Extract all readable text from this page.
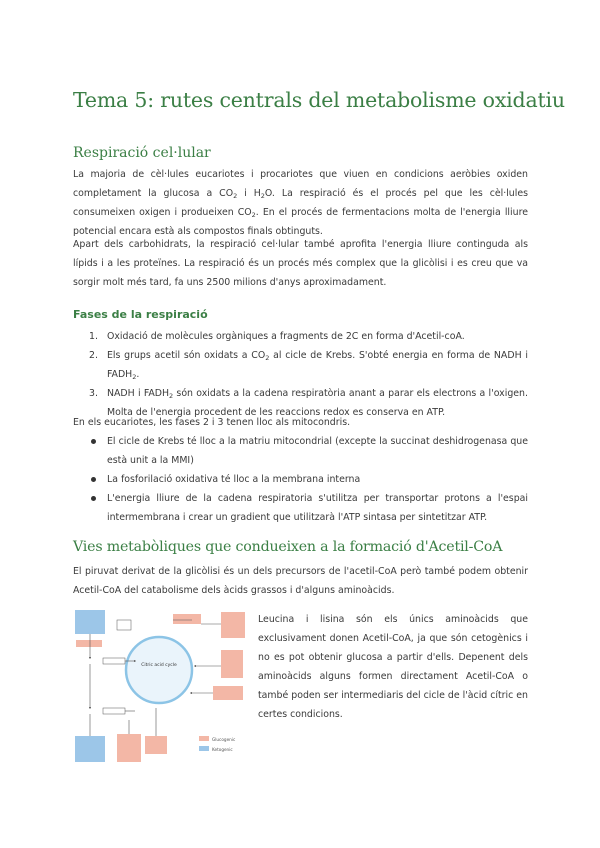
Tema 5: rutes centrals del metabolisme oxidatiu
Respiració cel·lular

La majoria de cèl·lules eucariotes i procariotes que viuen en condicions aeròbies oxiden completament la glucosa a $CO_2$ i $H_2O$. La respiració és el procés pel que les cèl·lules consumeixen oxigen i produeixen $CO_2$. En el procés de fermentacions molta de l'energia lliure potencial encara està als compostos finals obtinguts.

Apart dels carbohidrats, la respiració cel·lular també aprofita l'energia lliure continguda als lípids i a les proteïnes. La respiració és un procés més complex que la glicòlisi i es creu que va sorgir molt més tard, fa uns 2500 milions d'anys aproximadament.

Fases de la respiració
1. Oxidació de molècules orgàniques a fragments de 2C en forma d'Acetil-coA.
2. Els grups acetil són oxidats a $CO_2$ al cicle de Krebs. S'obté energia en forma de NADH i $FADH_2$.
3. NADH i $FADH_2$ són oxidats a la cadena respiratòria anant a parar els electrons a l'oxigen. Molta de l'energia procedent de les reaccions redox es conserva en ATP.

En els eucariotes, les fases 2 i 3 tenen lloc als mitocondris.

El cicle de Krebs té lloc a la matriu mitocondrial (excepte la succinat deshidrogenasa que està unit a la MMI)
La fosforilació oxidativa té lloc a la membrana interna
L'energia lliure de la cadena respiratoria s'utilitza per transportar protons a l'espai intermembrana i crear un gradient que utilitzarà l'ATP sintasa per sintetitzar ATP.
Vies metabòliques que condueixen a la formació d'Acetil-CoA

El piruvat derivat de la glicòlisi és un dels precursors de l'acetil-CoA però també podem obtenir Acetil-CoA del catabolisme dels àcids grassos i d'alguns aminoàcids.

Citric acid cycle
Glucogenic
Ketogenic

Leucina i lisina són els únics aminoàcids que exclusivament donen Acetil-CoA, ja que són cetogènics i no es pot obtenir glucosa a partir d'ells. Depenent dels aminoàcids alguns formen directament Acetil-CoA o també poden ser intermediaris del cicle de l'àcid cítric en certes condicions.
